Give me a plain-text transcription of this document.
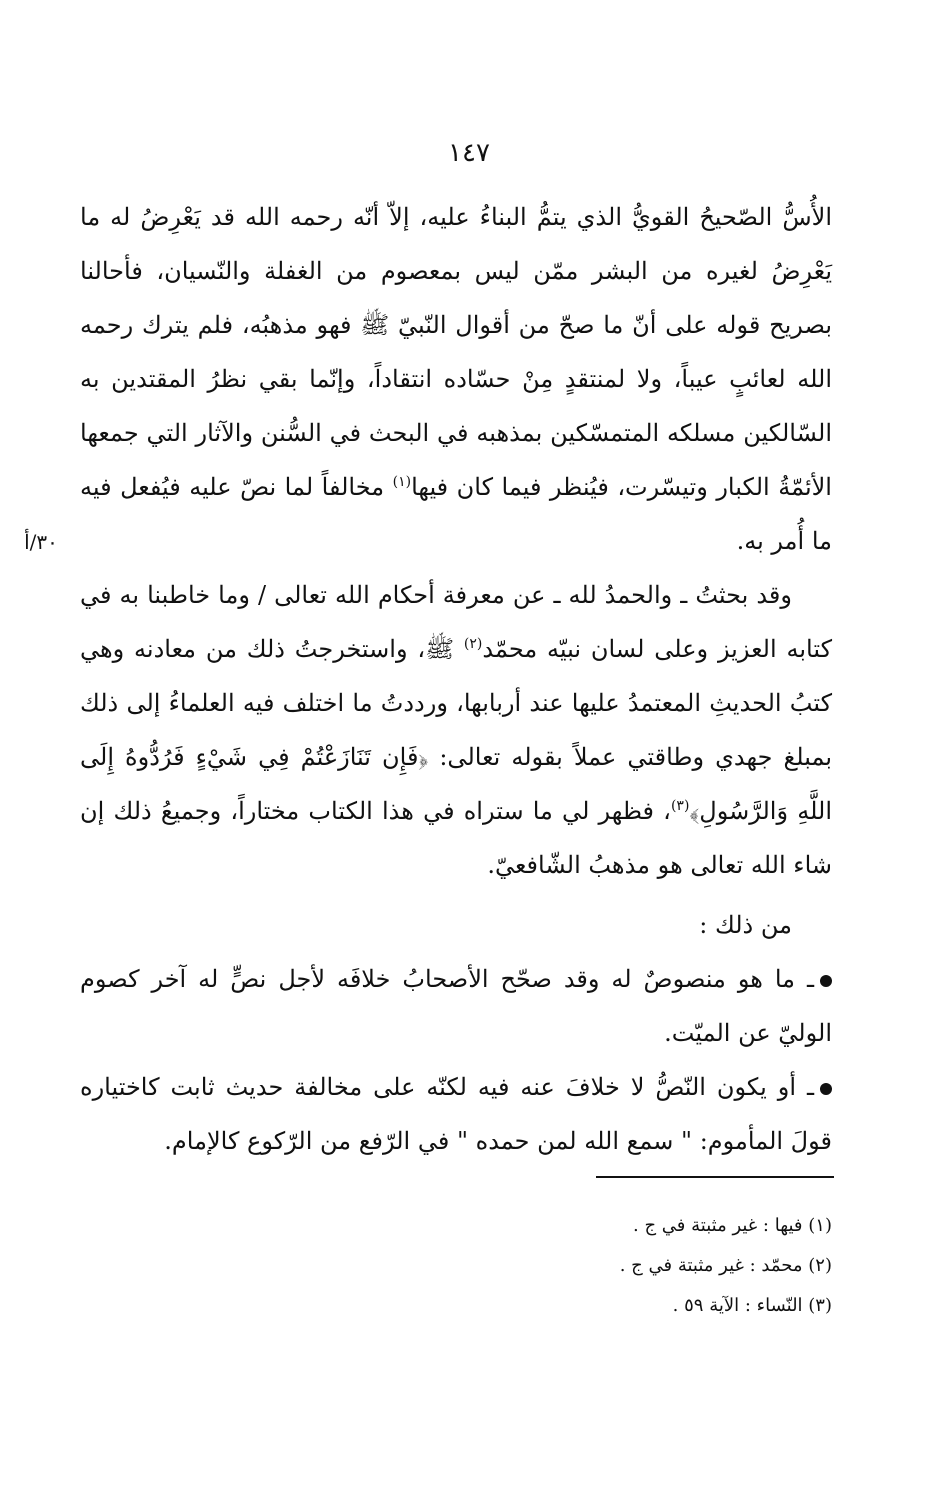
١٤٧
٣٠/أ

الأُسُّ الصّحيحُ القويُّ الذي يتمُّ البناءُ عليه، إلاّ أنّه رحمه الله قد يَعْرِضُ له ما يَعْرِضُ لغيره من البشر ممّن ليس بمعصوم من الغفلة والنّسيان، فأحالنا بصريح قوله على أنّ ما صحّ من أقوال النّبيّ ﷺ فهو مذهبُه، فلم يترك رحمه الله لعائبٍ عيباً، ولا لمنتقدٍ مِنْ حسّاده انتقاداً، وإنّما بقي نظرُ المقتدين به السّالكين مسلكه المتمسّكين بمذهبه في البحث في السُّنن والآثار التي جمعها الأئمّةُ الكبار وتيسّرت، فيُنظر فيما كان فيها$^{(١)}$ مخالفاً لما نصّ عليه فيُفعل فيه ما أُمر به.

وقد بحثتُ ـ والحمدُ لله ـ عن معرفة أحكام الله تعالى / وما خاطبنا به في كتابه العزيز وعلى لسان نبيّه محمّد$^{(٢)}$ ﷺ، واستخرجتُ ذلك من معادنه وهي كتبُ الحديثِ المعتمدُ عليها عند أربابها، ورددتُ ما اختلف فيه العلماءُ إلى ذلك بمبلغ جهدي وطاقتي عملاً بقوله تعالى: ﴿فَإِن تَنَازَعْتُمْ فِي شَيْءٍ فَرُدُّوهُ إِلَى اللَّهِ وَالرَّسُولِ﴾$^{(٣)}$، فظهر لي ما ستراه في هذا الكتاب مختاراً، وجميعُ ذلك إن شاء الله تعالى هو مذهبُ الشّافعيّ.

من ذلك :

ـ ما هو منصوصٌ له وقد صحّح الأصحابُ خلافَه لأجل نصٍّ له آخر كصوم الوليّ عن الميّت.

ـ أو يكون النّصُّ لا خلافَ عنه فيه لكنّه على مخالفة حديث ثابت كاختياره قولَ المأموم: " سمع الله لمن حمده " في الرّفع من الرّكوع كالإمام.

(١) فيها : غير مثبتة في ج .

(٢) محمّد : غير مثبتة في ج .

(٣) النّساء : الآية ٥٩ .
